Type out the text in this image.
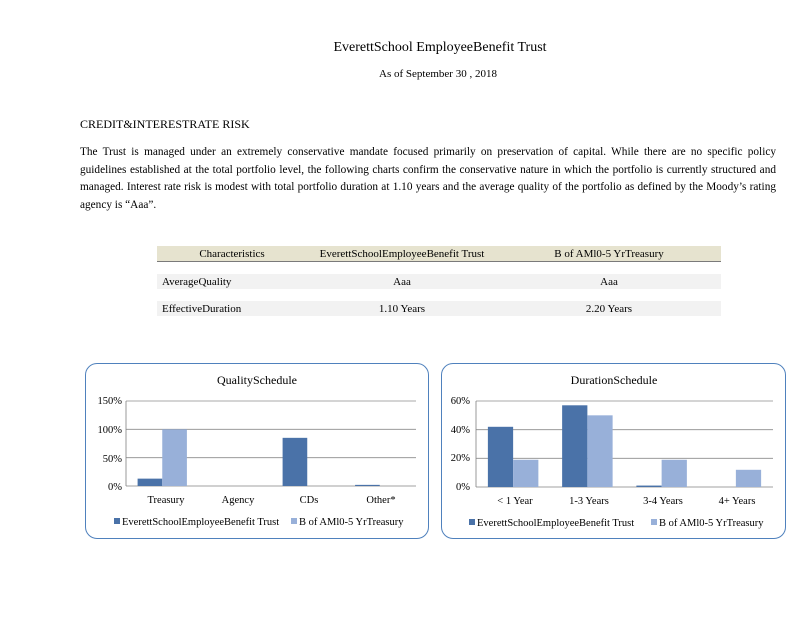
EverettSchool EmployeeBenefit Trust
As of September 30 , 2018
CREDIT&INTERESTRATE RISK
The Trust is managed under an extremely conservative mandate focused primarily on preservation of capital. While there are no specific policy guidelines established at the total portfolio level, the following charts confirm the conservative nature in which the portfolio is currently structured and managed. Interest rate risk is modest with total portfolio duration at 1.10 years and the average quality of the portfolio as defined by the Moody’s rating agency is “Aaa”.
Characteristics	EverettSchoolEmployeeBenefit Trust	B of AMl0-5 YrTreasury

AverageQuality	Aaa	Aaa

EffectiveDuration	1.10 Years	2.20 Years
QualitySchedule
150%
100%
50%
0%
Treasury	Agency	CDs	Other*
EverettSchoolEmployeeBenefit Trust B of AMl0-5 YrTreasury
DurationSchedule
60%
40%
20%
0%
< 1 Year	1-3 Years	3-4 Years	4+ Years
EverettSchoolEmployeeBenefit Trust B of AMl0-5 YrTreasury
